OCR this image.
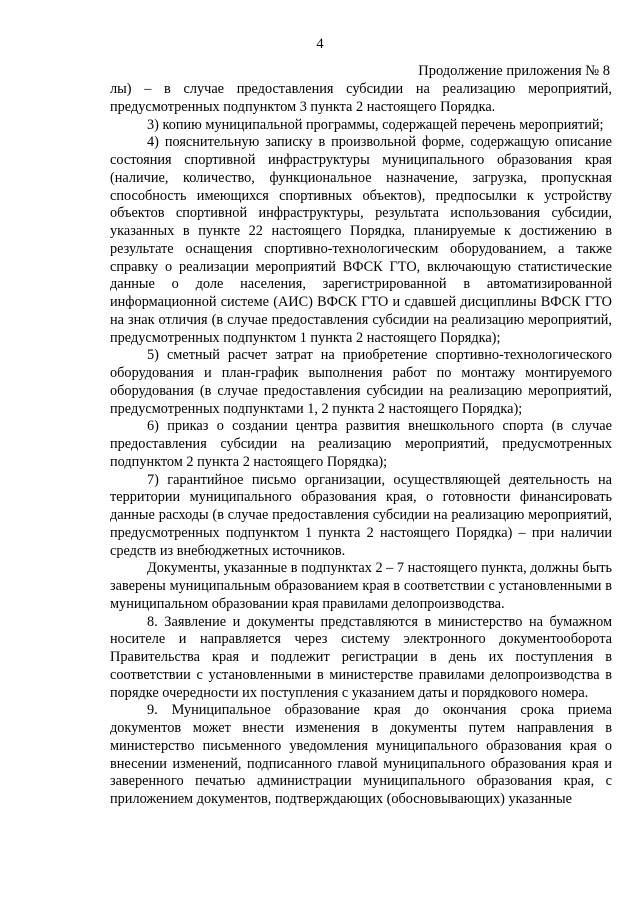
4
Продолжение приложения № 8

лы) – в случае предоставления субсидии на реализацию мероприятий, предусмотренных подпунктом 3 пункта 2 настоящего Порядка.

3) копию муниципальной программы, содержащей перечень мероприятий;

4) пояснительную записку в произвольной форме, содержащую описание состояния спортивной инфраструктуры муниципального образования края (наличие, количество, функциональное назначение, загрузка, пропускная способность имеющихся спортивных объектов), предпосылки к устройству объектов спортивной инфраструктуры, результата использования субсидии, указанных в пункте 22 настоящего Порядка, планируемые к достижению в результате оснащения спортивно-технологическим оборудованием, а также справку о реализации мероприятий ВФСК ГТО, включающую статистические данные о доле населения, зарегистрированной в автоматизированной информационной системе (АИС) ВФСК ГТО и сдавшей дисциплины ВФСК ГТО на знак отличия (в случае предоставления субсидии на реализацию мероприятий, предусмотренных подпунктом 1 пункта 2 настоящего Порядка);

5) сметный расчет затрат на приобретение спортивно-технологического оборудования и план-график выполнения работ по монтажу монтируемого оборудования (в случае предоставления субсидии на реализацию мероприятий, предусмотренных подпунктами 1, 2 пункта 2 настоящего Порядка);

6) приказ о создании центра развития внешкольного спорта (в случае предоставления субсидии на реализацию мероприятий, предусмотренных подпунктом 2 пункта 2 настоящего Порядка);

7) гарантийное письмо организации, осуществляющей деятельность на территории муниципального образования края, о готовности финансировать данные расходы (в случае предоставления субсидии на реализацию мероприятий, предусмотренных подпунктом 1 пункта 2 настоящего Порядка) – при наличии средств из внебюджетных источников.

Документы, указанные в подпунктах 2 – 7 настоящего пункта, должны быть заверены муниципальным образованием края в соответствии с установленными в муниципальном образовании края правилами делопроизводства.

8. Заявление и документы представляются в министерство на бумажном носителе и направляется через систему электронного документооборота Правительства края и подлежит регистрации в день их поступления в соответствии с установленными в министерстве правилами делопроизводства в порядке очередности их поступления с указанием даты и порядкового номера.

9. Муниципальное образование края до окончания срока приема документов может внести изменения в документы путем направления в министерство письменного уведомления муниципального образования края о внесении изменений, подписанного главой муниципального образования края и заверенного печатью администрации муниципального образования края, с приложением документов, подтверждающих (обосновывающих) указанные
